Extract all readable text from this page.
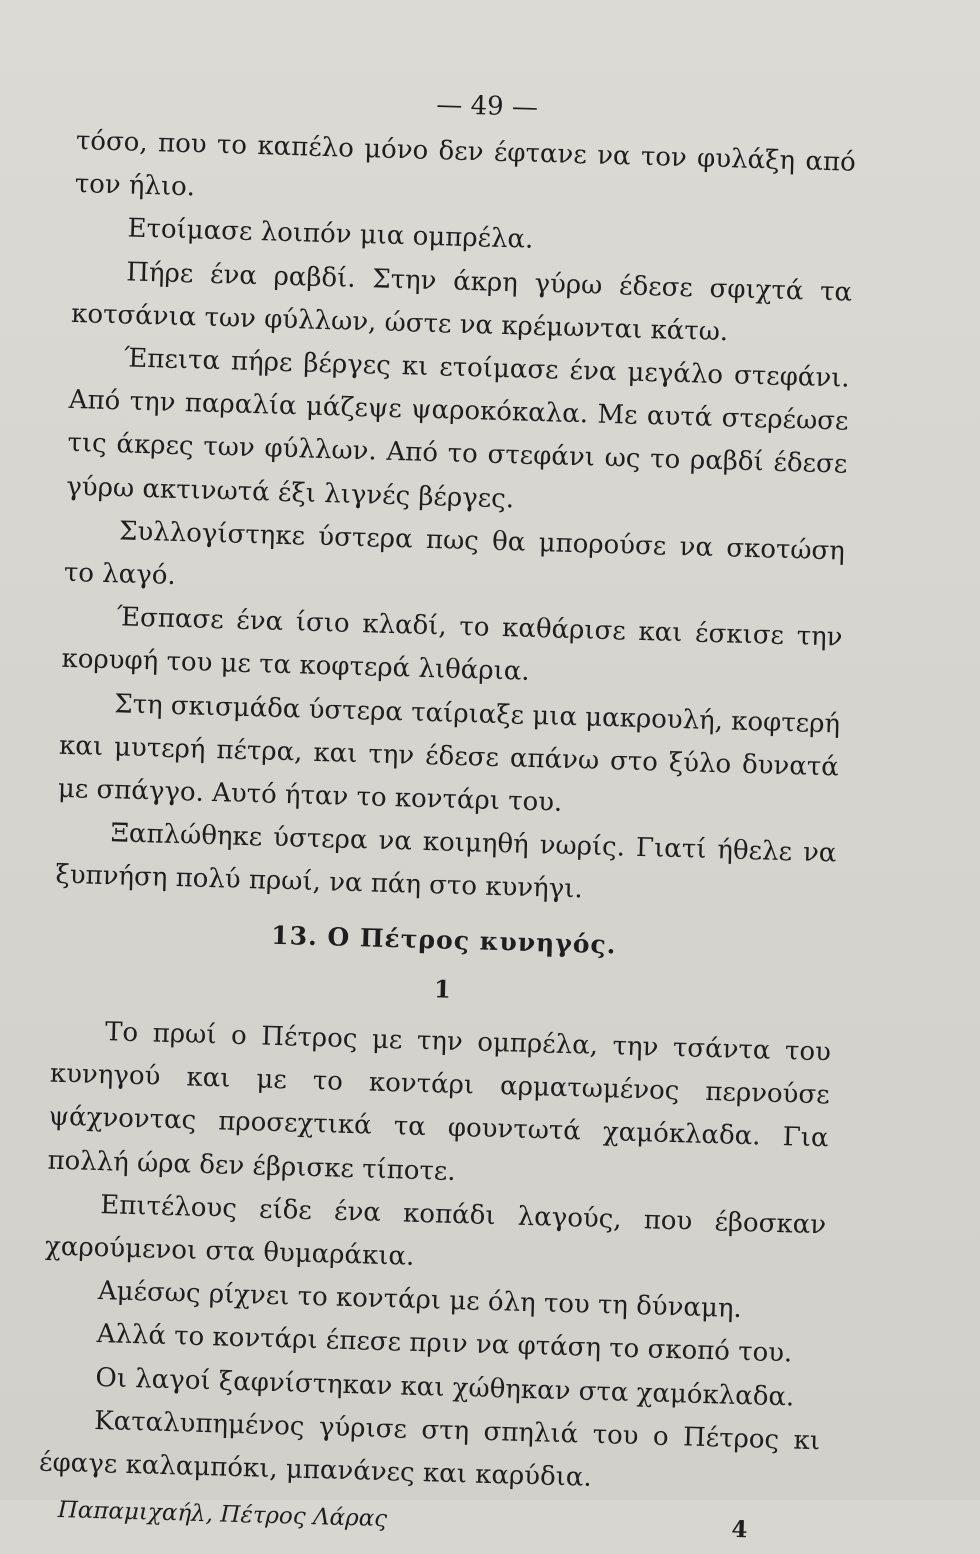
— 49 —

τόσο, που το καπέλο μόνο δεν έφτανε να τον φυλάξη από τον ήλιο.

Ετοίμασε λοιπόν μια ομπρέλα.

Πήρε ένα ραβδί. Στην άκρη γύρω έδεσε σφιχτά τα κοτσάνια των φύλλων, ώστε να κρέμωνται κάτω.

Έπειτα πήρε βέργες κι ετοίμασε ένα μεγάλο στεφάνι. Από την παραλία μάζεψε ψαροκόκαλα. Με αυτά στερέωσε τις άκρες των φύλλων. Από το στεφάνι ως το ραβδί έδεσε γύρω ακτινωτά έξι λιγνές βέργες.

Συλλογίστηκε ύστερα πως θα μπορούσε να σκοτώση το λαγό.

Έσπασε ένα ίσιο κλαδί, το καθάρισε και έσκισε την κορυφή του με τα κοφτερά λιθάρια.

Στη σκισμάδα ύστερα ταίριαξε μια μακρουλή, κοφτερή και μυτερή πέτρα, και την έδεσε απάνω στο ξύλο δυνατά με σπάγγο. Αυτό ήταν το κοντάρι του.

Ξαπλώθηκε ύστερα να κοιμηθή νωρίς. Γιατί ήθελε να ξυπνήση πολύ πρωί, να πάη στο κυνήγι.

13. Ο Πέτρος κυνηγός.
1

Το πρωί ο Πέτρος με την ομπρέλα, την τσάντα του κυνηγού και με το κοντάρι αρματωμένος περνούσε ψάχνοντας προσεχτικά τα φουντωτά χαμόκλαδα. Για πολλή ώρα δεν έβρισκε τίποτε.

Επιτέλους είδε ένα κοπάδι λαγούς, που έβοσκαν χαρούμενοι στα θυμαράκια.

Αμέσως ρίχνει το κοντάρι με όλη του τη δύναμη.

Αλλά το κοντάρι έπεσε πριν να φτάση το σκοπό του.

Οι λαγοί ξαφνίστηκαν και χώθηκαν στα χαμόκλαδα.

Καταλυπημένος γύρισε στη σπηλιά του ο Πέτρος κι έφαγε καλαμπόκι, μπανάνες και καρύδια.

Παπαμιχαήλ, Πέτρος Λάρας	4
